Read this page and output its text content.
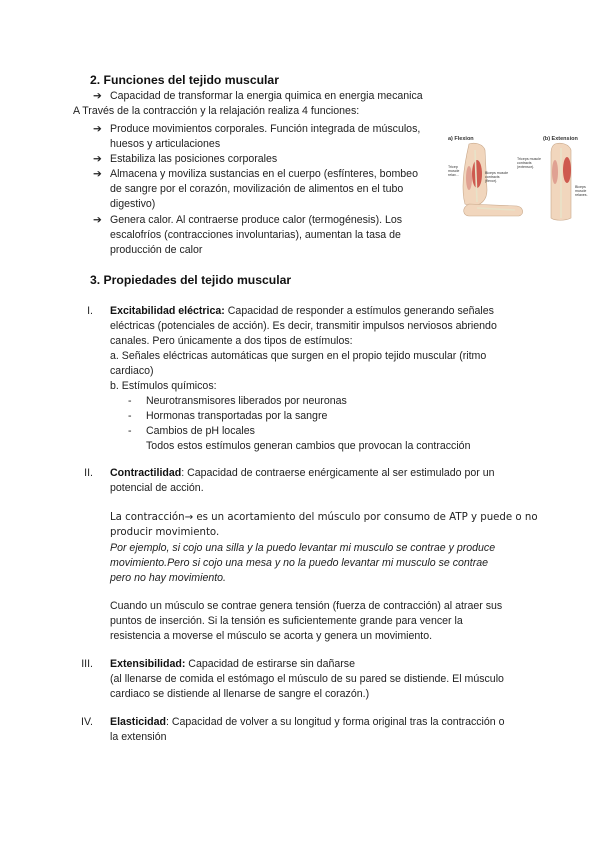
2. Funciones del tejido muscular
➔ Capacidad de transformar la energia quimica en energia mecanica
A Través de la contracción y la relajación realiza 4 funciones:
➔ Produce movimientos corporales. Función integrada de músculos,
huesos y articulaciones
➔ Estabiliza las posiciones corporales
➔ Almacena y moviliza sustancias en el cuerpo (esfínteres, bombeo
de sangre por el corazón, movilización de alimentos en el tubo
digestivo)
➔ Genera calor. Al contraerse produce calor (termogénesis). Los
escalofríos (contracciones involuntarias), aumentan la tasa de
producción de calor
a) Flexion	(b) Extension
Tricep
muscle
relax...	Biceps muscle
contracts
(flexor).
Triceps muscle
contracts
(extensor).
Biceps
muscle
relaxes.
3. Propiedades del tejido muscular
I. Excitabilidad eléctrica: Capacidad de responder a estímulos generando señales
eléctricas (potenciales de acción). Es decir, transmitir impulsos nerviosos abriendo
canales. Pero únicamente a dos tipos de estímulos:
a. Señales eléctricas automáticas que surgen en el propio tejido muscular (ritmo
cardiaco)
b. Estímulos químicos:
-	Neurotransmisores liberados por neuronas
-	Hormonas transportadas por la sangre
-	Cambios de pH locales
Todos estos estímulos generan cambios que provocan la contracción
II. Contractilidad: Capacidad de contraerse enérgicamente al ser estimulado por un
potencial de acción.
La contracción→ es un acortamiento del músculo por consumo de ATP y puede o no
producir movimiento.
Por ejemplo, si cojo una silla y la puedo levantar mi musculo se contrae y produce
movimiento.Pero si cojo una mesa y no la puedo levantar mi musculo se contrae
pero no hay movimiento.
Cuando un músculo se contrae genera tensión (fuerza de contracción) al atraer sus
puntos de inserción. Si la tensión es suficientemente grande para vencer la
resistencia a moverse el músculo se acorta y genera un movimiento.
III. Extensibilidad: Capacidad de estirarse sin dañarse
(al llenarse de comida el estómago el músculo de su pared se distiende. El músculo
cardiaco se distiende al llenarse de sangre el corazón.)
IV. Elasticidad: Capacidad de volver a su longitud y forma original tras la contracción o
la extensión
